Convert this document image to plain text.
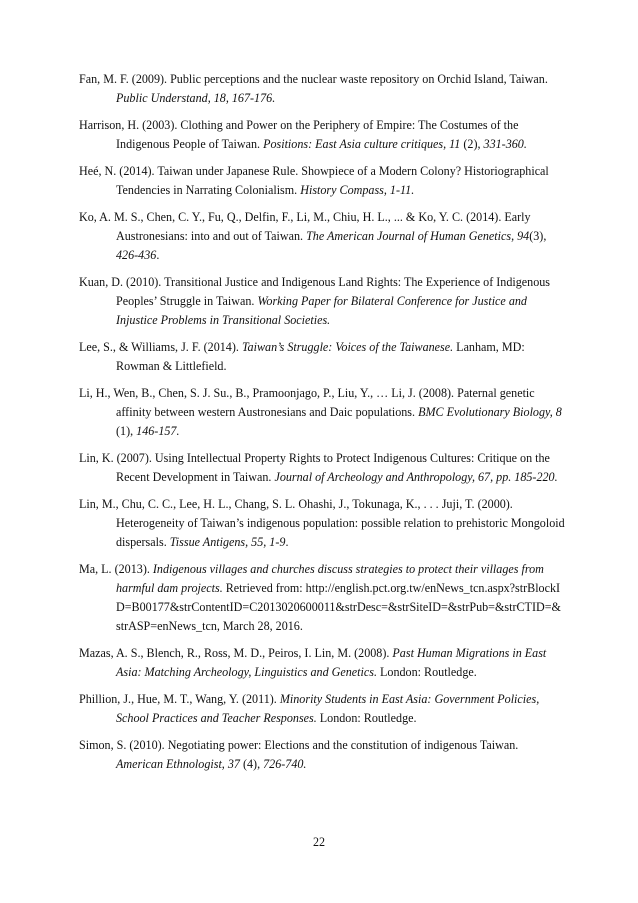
Fan, M. F. (2009). Public perceptions and the nuclear waste repository on Orchid Island, Taiwan. Public Understand, 18, 167-176.

Harrison, H. (2003). Clothing and Power on the Periphery of Empire: The Costumes of the Indigenous People of Taiwan. Positions: East Asia culture critiques, 11 (2), 331-360.

Heé, N. (2014). Taiwan under Japanese Rule. Showpiece of a Modern Colony? Historiographical Tendencies in Narrating Colonialism. History Compass, 1-11.

Ko, A. M. S., Chen, C. Y., Fu, Q., Delfin, F., Li, M., Chiu, H. L., ... & Ko, Y. C. (2014). Early Austronesians: into and out of Taiwan. The American Journal of Human Genetics, 94(3), 426-436.

Kuan, D. (2010). Transitional Justice and Indigenous Land Rights: The Experience of Indigenous Peoples’ Struggle in Taiwan. Working Paper for Bilateral Conference for Justice and Injustice Problems in Transitional Societies.

Lee, S., & Williams, J. F. (2014). Taiwan’s Struggle: Voices of the Taiwanese. Lanham, MD: Rowman & Littlefield.

Li, H., Wen, B., Chen, S. J. Su., B., Pramoonjago, P., Liu, Y., … Li, J. (2008). Paternal genetic affinity between western Austronesians and Daic populations. BMC Evolutionary Biology, 8 (1), 146-157.

Lin, K. (2007). Using Intellectual Property Rights to Protect Indigenous Cultures: Critique on the Recent Development in Taiwan. Journal of Archeology and Anthropology, 67, pp. 185-220.

Lin, M., Chu, C. C., Lee, H. L., Chang, S. L. Ohashi, J., Tokunaga, K., . . . Juji, T. (2000). Heterogeneity of Taiwan’s indigenous population: possible relation to prehistoric Mongoloid dispersals. Tissue Antigens, 55, 1-9.

Ma, L. (2013). Indigenous villages and churches discuss strategies to protect their villages from harmful dam projects. Retrieved from: http://english.pct.org.tw/enNews_tcn.aspx?strBlockID=B00177&strContentID=C2013020600011&strDesc=&strSiteID=&strPub=&strCTID=&strASP=enNews_tcn, March 28, 2016.

Mazas, A. S., Blench, R., Ross, M. D., Peiros, I. Lin, M. (2008). Past Human Migrations in East Asia: Matching Archeology, Linguistics and Genetics. London: Routledge.

Phillion, J., Hue, M. T., Wang, Y. (2011). Minority Students in East Asia: Government Policies, School Practices and Teacher Responses. London: Routledge.

Simon, S. (2010). Negotiating power: Elections and the constitution of indigenous Taiwan. American Ethnologist, 37 (4), 726-740.

22
